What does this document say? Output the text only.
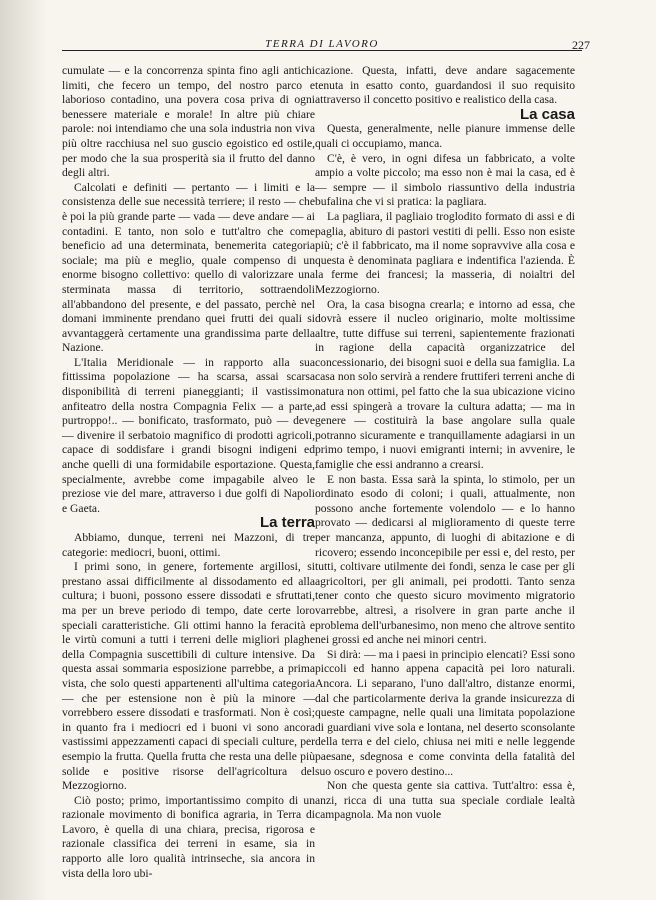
TERRA DI LAVORO	227

cumulate — e la concorrenza spinta fino agli antichi limiti, che fecero un tempo, del nostro parco e laborioso contadino, una povera cosa priva di ogni benessere materiale e morale! In altre più chiare parole: noi intendiamo che una sola industria non viva più oltre racchiusa nel suo guscio egoistico ed ostile, per modo che la sua prosperità sia il frutto del danno degli altri.

Calcolati e definiti — pertanto — i limiti e la consistenza delle sue necessità terriere; il resto — che è poi la più grande parte — vada — deve andare — ai contadini. E tanto, non solo e tutt'altro che come beneficio ad una determinata, benemerita categoria sociale; ma più e meglio, quale compenso di un enorme bisogno collettivo: quello di valorizzare una sterminata massa di territorio, sottraendoli all'abbandono del presente, e del passato, perchè nel domani imminente prendano quei frutti dei quali si avvantaggerà certamente una grandissima parte della Nazione.

L'Italia Meridionale — in rapporto alla sua fittissima popolazione — ha scarsa, assai scarsa disponibilità di terreni pianeggianti; il vastissimo anfiteatro della nostra Compagnia Felix — a parte, purtroppo!.. — bonificato, trasformato, può — deve — divenire il serbatoio magnifico di prodotti agricoli, capace di soddisfare i grandi bisogni indigeni ed anche quelli di una formidabile esportazione. Questa, specialmente, avrebbe come impagabile alveo le preziose vie del mare, attraverso i due golfi di Napoli e Gaeta.

La terra

Abbiamo, dunque, terreni nei Mazzoni, di tre categorie: mediocri, buoni, ottimi.

I primi sono, in genere, fortemente argillosi, si prestano assai difficilmente al dissodamento ed alla cultura; i buoni, possono essere dissodati e sfruttati, ma per un breve periodo di tempo, date certe loro speciali caratteristiche. Gli ottimi hanno la feracità e le virtù comuni a tutti i terreni delle migliori plaghe della Compagnia suscettibili di culture intensive. Da questa assai sommaria esposizione parrebbe, a prima vista, che solo questi appartenenti all'ultima categoria — che per estensione non è più la minore — vorrebbero essere dissodati e trasformati. Non è così; in quanto fra i mediocri ed i buoni vi sono ancora vastissimi appezzamenti capaci di speciali culture, per esempio la frutta. Quella frutta che resta una delle più solide e positive risorse dell'agricoltura del Mezzogiorno.

Ciò posto; primo, importantissimo compito di un razionale movimento di bonifica agraria, in Terra di Lavoro, è quella di una chiara, precisa, rigorosa e razionale classifica dei terreni in esame, sia in rapporto alle loro qualità intrinseche, sia ancora in vista della loro ubi-

cazione. Questa, infatti, deve andare sagacemente tenuta in esatto conto, guardandosi il suo requisito attraverso il concetto positivo e realistico della casa.

La casa

Questa, generalmente, nelle pianure immense delle quali ci occupiamo, manca.

C'è, è vero, in ogni difesa un fabbricato, a volte ampio a volte piccolo; ma esso non è mai la casa, ed è — sempre — il simbolo riassuntivo della industria bufalina che vi si pratica: la pagliara.

La pagliara, il pagliaio troglodito formato di assi e di paglia, abituro di pastori vestiti di pelli. Esso non esiste più; c'è il fabbricato, ma il nome sopravvive alla cosa e questa è denominata pagliara e indentifica l'azienda. È la ferme dei francesi; la masseria, di noialtri del Mezzogiorno.

Ora, la casa bisogna crearla; e intorno ad essa, che dovrà essere il nucleo originario, molte moltissime altre, tutte diffuse sui terreni, sapientemente frazionati in ragione della capacità organizzatrice del concessionario, dei bisogni suoi e della sua famiglia. La casa non solo servirà a rendere fruttiferi terreni anche di natura non ottimi, pel fatto che la sua ubicazione vicino ad essi spingerà a trovare la cultura adatta; — ma in genere — costituirà la base angolare sulla quale potranno sicuramente e tranquillamente adagiarsi in un primo tempo, i nuovi emigranti interni; in avvenire, le famiglie che essi andranno a crearsi.

E non basta. Essa sarà la spinta, lo stimolo, per un ordinato esodo di coloni; i quali, attualmente, non possono anche fortemente volendolo — e lo hanno provato — dedicarsi al miglioramento di queste terre per mancanza, appunto, di luoghi di abitazione e di ricovero; essendo inconcepibile per essi e, del resto, per tutti, coltivare utilmente dei fondi, senza le case per gli agricoltori, per gli animali, pei prodotti. Tanto senza tener conto che questo sicuro movimento migratorio varrebbe, altresì, a risolvere in gran parte anche il problema dell'urbanesimo, non meno che altrove sentito nei grossi ed anche nei minori centri.

Si dirà: — ma i paesi in principio elencati? Essi sono piccoli ed hanno appena capacità pei loro naturali. Ancora. Li separano, l'uno dall'altro, distanze enormi, dal che particolarmente deriva la grande insicurezza di queste campagne, nelle quali una limitata popolazione di guardiani vive sola e lontana, nel deserto sconsolante della terra e del cielo, chiusa nei miti e nelle leggende paesane, sdegnosa e come convinta della fatalità del suo oscuro e povero destino...

Non che questa gente sia cattiva. Tutt'altro: essa è, anzi, ricca di una tutta sua speciale cordiale lealtà campagnola. Ma non vuole
